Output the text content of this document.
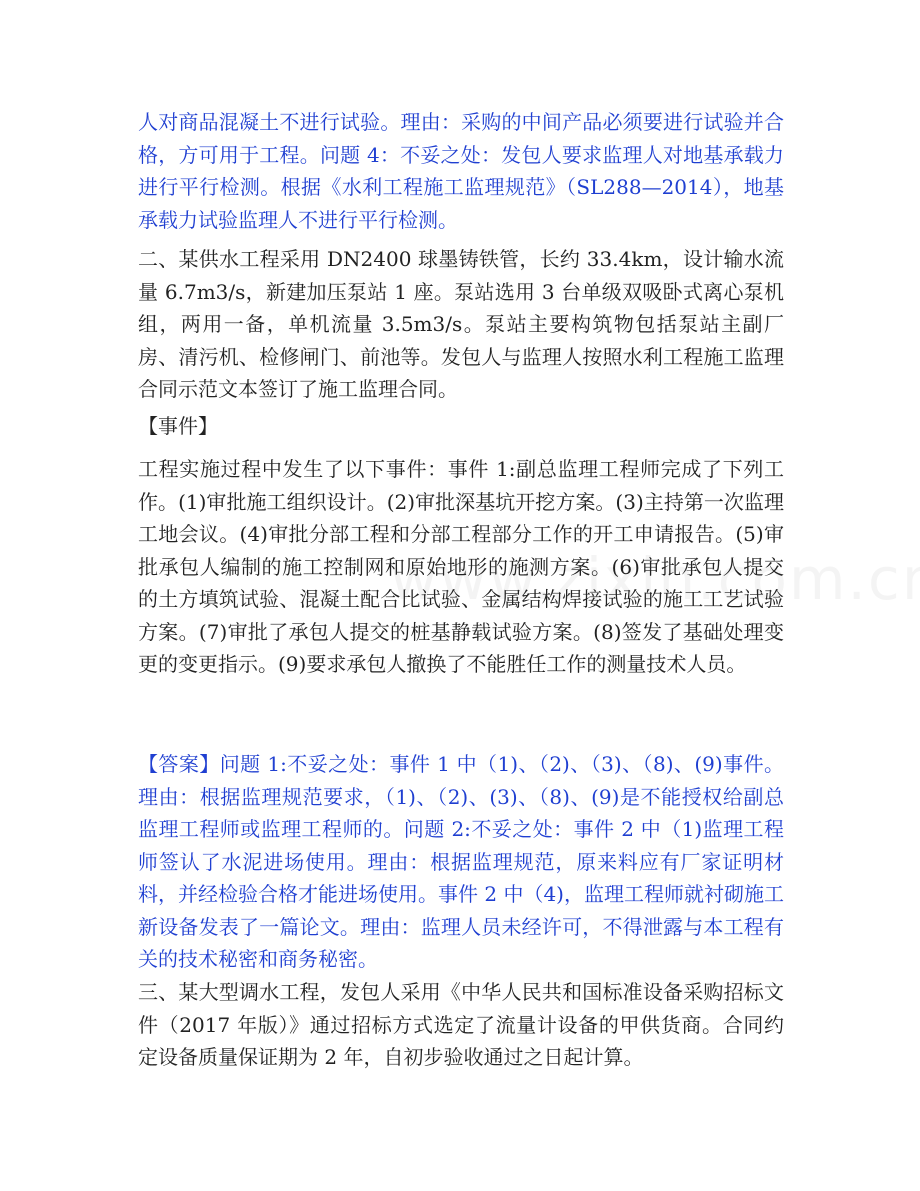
人对商品混凝土不进行试验。理由：采购的中间产品必须要进行试验并合格，方可用于工程。问题 4：不妥之处：发包人要求监理人对地基承载力进行平行检测。根据《水利工程施工监理规范》（SL288—2014），地基承载力试验监理人不进行平行检测。

二、某供水工程采用 DN2400 球墨铸铁管，长约 33.4km，设计输水流量 6.7m3/s，新建加压泵站 1 座。泵站选用 3 台单级双吸卧式离心泵机组，两用一备，单机流量 3.5m3/s。泵站主要构筑物包括泵站主副厂房、清污机、检修闸门、前池等。发包人与监理人按照水利工程施工监理合同示范文本签订了施工监理合同。

【事件】

工程实施过程中发生了以下事件：事件 1:副总监理工程师完成了下列工作。(1)审批施工组织设计。(2)审批深基坑开挖方案。(3)主持第一次监理工地会议。(4)审批分部工程和分部工程部分工作的开工申请报告。(5)审批承包人编制的施工控制网和原始地形的施测方案。(6)审批承包人提交的土方填筑试验、混凝土配合比试验、金属结构焊接试验的施工工艺试验方案。(7)审批了承包人提交的桩基静载试验方案。(8)签发了基础处理变更的变更指示。(9)要求承包人撤换了不能胜任工作的测量技术人员。

【答案】问题 1:不妥之处：事件 1 中（1)、（2)、（3)、（8)、(9)事件。理由：根据监理规范要求，（1)、（2)、(3)、（8)、(9)是不能授权给副总监理工程师或监理工程师的。问题 2:不妥之处：事件 2 中（1)监理工程师签认了水泥进场使用。理由：根据监理规范，原来料应有厂家证明材料，并经检验合格才能进场使用。事件 2 中（4)，监理工程师就衬砌施工新设备发表了一篇论文。理由：监理人员未经许可，不得泄露与本工程有关的技术秘密和商务秘密。

三、某大型调水工程，发包人采用《中华人民共和国标准设备采购招标文件（2017 年版）》通过招标方式选定了流量计设备的甲供货商。合同约定设备质量保证期为 2 年，自初步验收通过之日起计算。
